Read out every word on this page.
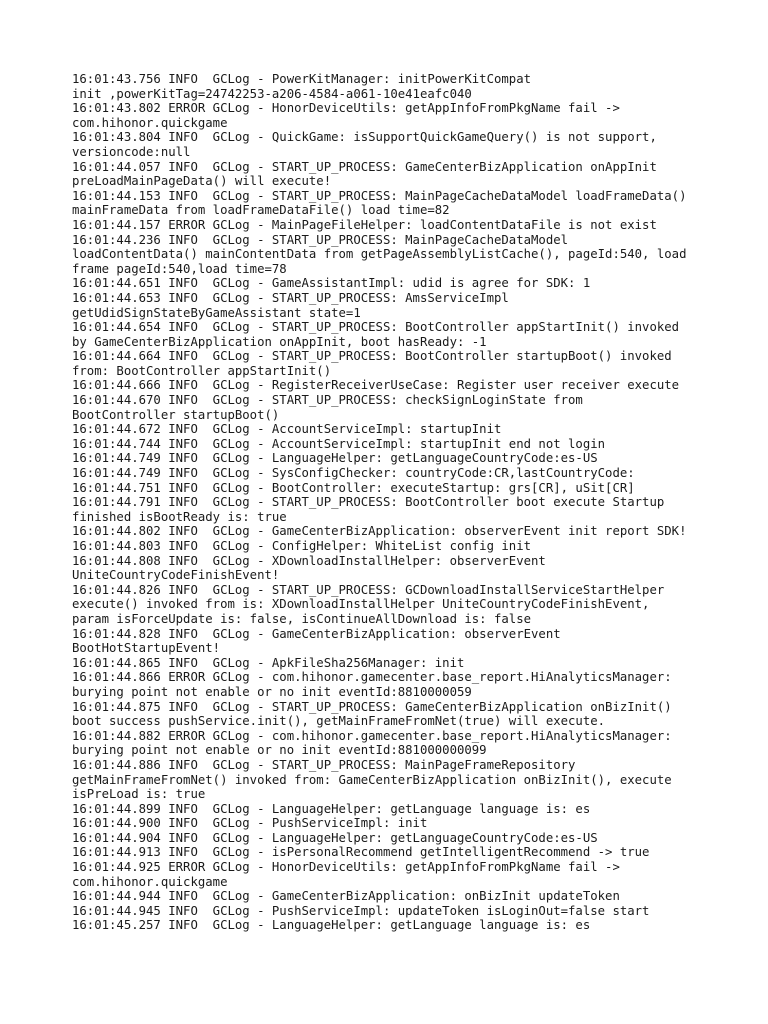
16:01:43.756 INFO  GCLog - PowerKitManager: initPowerKitCompat

init ,powerKitTag=24742253-a206-4584-a061-10e41eafc040

16:01:43.802 ERROR GCLog - HonorDeviceUtils: getAppInfoFromPkgName fail ->

com.hihonor.quickgame

16:01:43.804 INFO  GCLog - QuickGame: isSupportQuickGameQuery() is not support,

versioncode:null

16:01:44.057 INFO  GCLog - START_UP_PROCESS: GameCenterBizApplication onAppInit

preLoadMainPageData() will execute!

16:01:44.153 INFO  GCLog - START_UP_PROCESS: MainPageCacheDataModel loadFrameData()

mainFrameData from loadFrameDataFile() load time=82

16:01:44.157 ERROR GCLog - MainPageFileHelper: loadContentDataFile is not exist

16:01:44.236 INFO  GCLog - START_UP_PROCESS: MainPageCacheDataModel

loadContentData() mainContentData from getPageAssemblyListCache(), pageId:540, load

frame pageId:540,load time=78

16:01:44.651 INFO  GCLog - GameAssistantImpl: udid is agree for SDK: 1

16:01:44.653 INFO  GCLog - START_UP_PROCESS: AmsServiceImpl

getUdidSignStateByGameAssistant state=1

16:01:44.654 INFO  GCLog - START_UP_PROCESS: BootController appStartInit() invoked

by GameCenterBizApplication onAppInit, boot hasReady: -1

16:01:44.664 INFO  GCLog - START_UP_PROCESS: BootController startupBoot() invoked

from: BootController appStartInit()

16:01:44.666 INFO  GCLog - RegisterReceiverUseCase: Register user receiver execute

16:01:44.670 INFO  GCLog - START_UP_PROCESS: checkSignLoginState from

BootController startupBoot()

16:01:44.672 INFO  GCLog - AccountServiceImpl: startupInit

16:01:44.744 INFO  GCLog - AccountServiceImpl: startupInit end not login

16:01:44.749 INFO  GCLog - LanguageHelper: getLanguageCountryCode:es-US

16:01:44.749 INFO  GCLog - SysConfigChecker: countryCode:CR,lastCountryCode:

16:01:44.751 INFO  GCLog - BootController: executeStartup: grs[CR], uSit[CR]

16:01:44.791 INFO  GCLog - START_UP_PROCESS: BootController boot execute Startup

finished isBootReady is: true

16:01:44.802 INFO  GCLog - GameCenterBizApplication: observerEvent init report SDK!

16:01:44.803 INFO  GCLog - ConfigHelper: WhiteList config init

16:01:44.808 INFO  GCLog - XDownloadInstallHelper: observerEvent

UniteCountryCodeFinishEvent!

16:01:44.826 INFO  GCLog - START_UP_PROCESS: GCDownloadInstallServiceStartHelper

execute() invoked from is: XDownloadInstallHelper UniteCountryCodeFinishEvent,

param isForceUpdate is: false, isContinueAllDownload is: false

16:01:44.828 INFO  GCLog - GameCenterBizApplication: observerEvent

BootHotStartupEvent!

16:01:44.865 INFO  GCLog - ApkFileSha256Manager: init

16:01:44.866 ERROR GCLog - com.hihonor.gamecenter.base_report.HiAnalyticsManager:

burying point not enable or no init eventId:8810000059

16:01:44.875 INFO  GCLog - START_UP_PROCESS: GameCenterBizApplication onBizInit()

boot success pushService.init(), getMainFrameFromNet(true) will execute.

16:01:44.882 ERROR GCLog - com.hihonor.gamecenter.base_report.HiAnalyticsManager:

burying point not enable or no init eventId:881000000099

16:01:44.886 INFO  GCLog - START_UP_PROCESS: MainPageFrameRepository

getMainFrameFromNet() invoked from: GameCenterBizApplication onBizInit(), execute

isPreLoad is: true

16:01:44.899 INFO  GCLog - LanguageHelper: getLanguage language is: es

16:01:44.900 INFO  GCLog - PushServiceImpl: init

16:01:44.904 INFO  GCLog - LanguageHelper: getLanguageCountryCode:es-US

16:01:44.913 INFO  GCLog - isPersonalRecommend getIntelligentRecommend -> true

16:01:44.925 ERROR GCLog - HonorDeviceUtils: getAppInfoFromPkgName fail ->

com.hihonor.quickgame

16:01:44.944 INFO  GCLog - GameCenterBizApplication: onBizInit updateToken

16:01:44.945 INFO  GCLog - PushServiceImpl: updateToken isLoginOut=false start

16:01:45.257 INFO  GCLog - LanguageHelper: getLanguage language is: es
